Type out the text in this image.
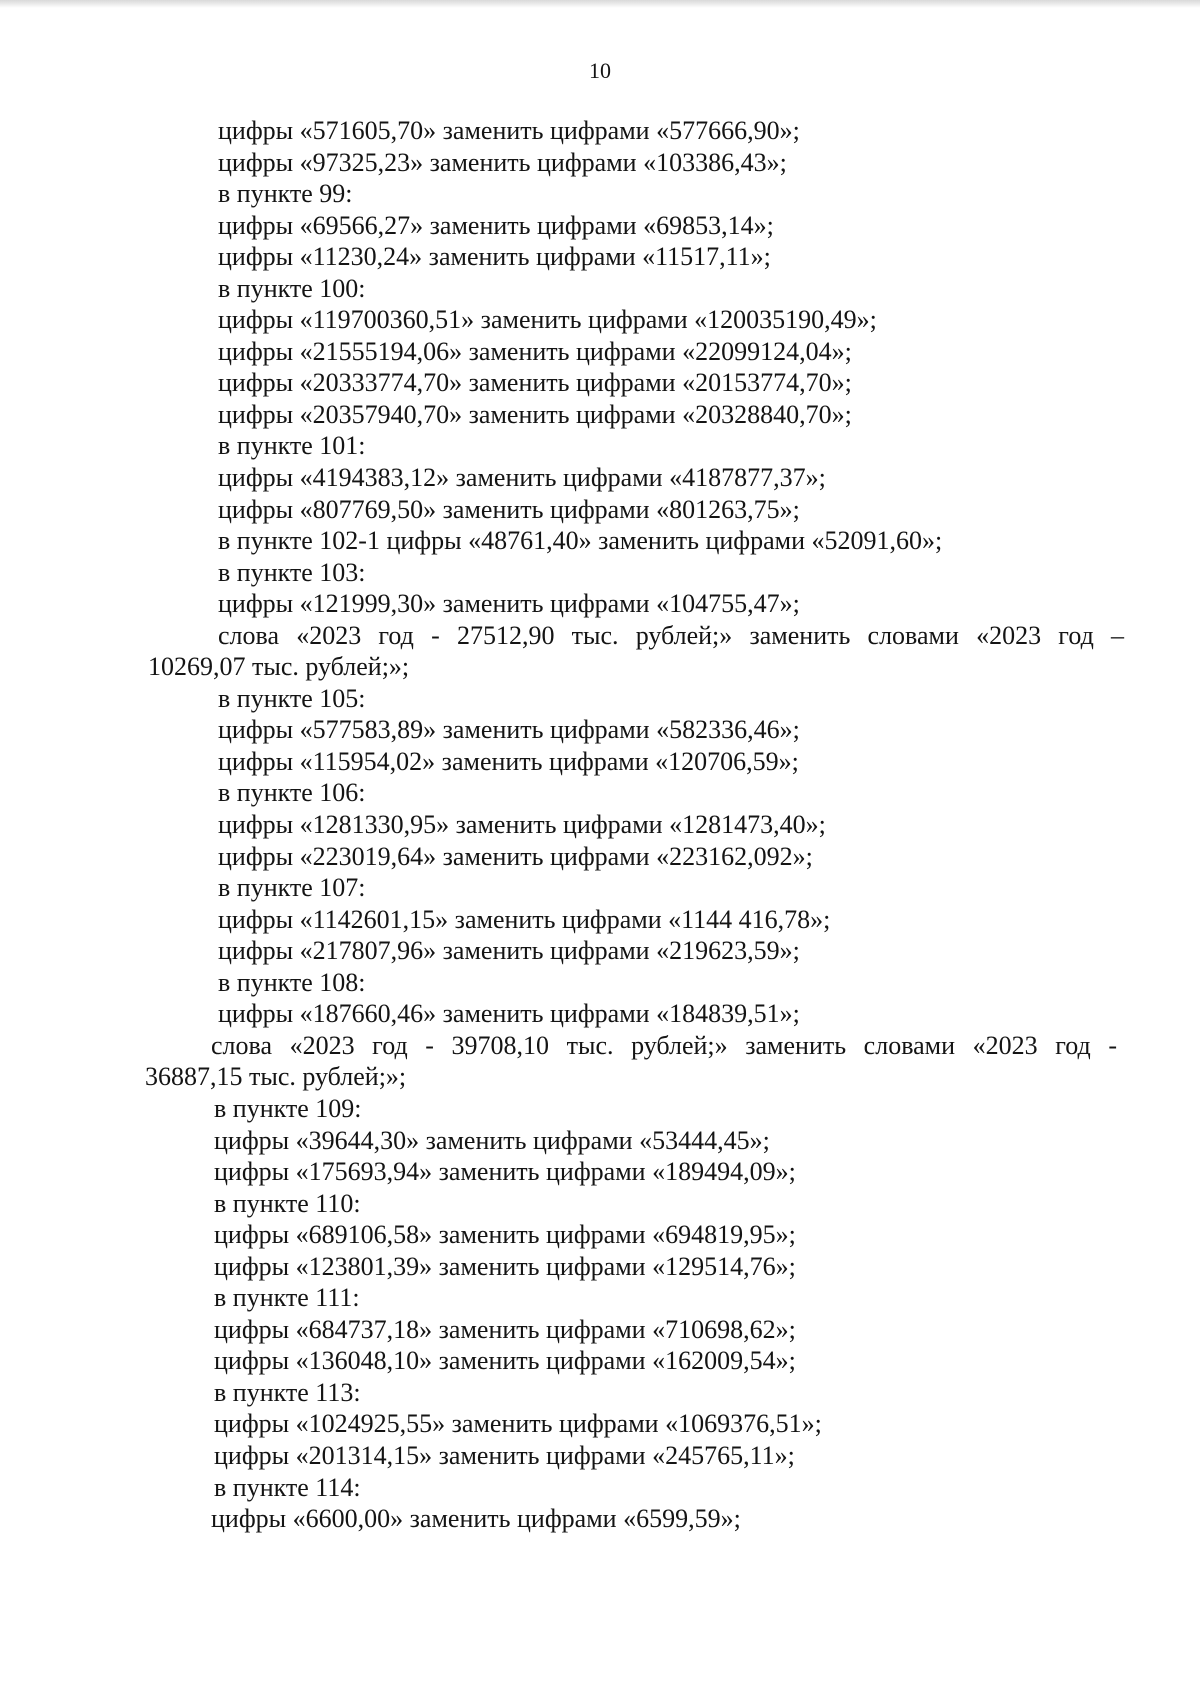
10
цифры «571605,70» заменить цифрами «577666,90»;
цифры «97325,23» заменить цифрами «103386,43»;
в пункте 99:
цифры «69566,27» заменить цифрами «69853,14»;
цифры «11230,24» заменить цифрами «11517,11»;
в пункте 100:
цифры «119700360,51» заменить цифрами «120035190,49»;
цифры «21555194,06» заменить цифрами «22099124,04»;
цифры «20333774,70» заменить цифрами «20153774,70»;
цифры «20357940,70» заменить цифрами «20328840,70»;
в пункте 101:
цифры «4194383,12» заменить цифрами «4187877,37»;
цифры «807769,50» заменить цифрами «801263,75»;
в пункте 102-1 цифры «48761,40» заменить цифрами «52091,60»;
в пункте 103:
цифры «121999,30» заменить цифрами «104755,47»;
слова «2023 год - 27512,90 тыс. рублей;» заменить словами «2023 год –
10269,07 тыс. рублей;»;
в пункте 105:
цифры «577583,89» заменить цифрами «582336,46»;
цифры «115954,02» заменить цифрами «120706,59»;
в пункте 106:
цифры «1281330,95» заменить цифрами «1281473,40»;
цифры «223019,64» заменить цифрами «223162,092»;
в пункте 107:
цифры «1142601,15» заменить цифрами «1144 416,78»;
цифры «217807,96» заменить цифрами «219623,59»;
в пункте 108:
цифры «187660,46» заменить цифрами «184839,51»;
слова «2023 год - 39708,10 тыс. рублей;» заменить словами «2023 год -
36887,15 тыс. рублей;»;
в пункте 109:
цифры «39644,30» заменить цифрами «53444,45»;
цифры «175693,94» заменить цифрами «189494,09»;
в пункте 110:
цифры «689106,58» заменить цифрами «694819,95»;
цифры «123801,39» заменить цифрами «129514,76»;
в пункте 111:
цифры «684737,18» заменить цифрами «710698,62»;
цифры «136048,10» заменить цифрами «162009,54»;
в пункте 113:
цифры «1024925,55» заменить цифрами «1069376,51»;
цифры «201314,15» заменить цифрами «245765,11»;
в пункте 114:
цифры «6600,00» заменить цифрами «6599,59»;
